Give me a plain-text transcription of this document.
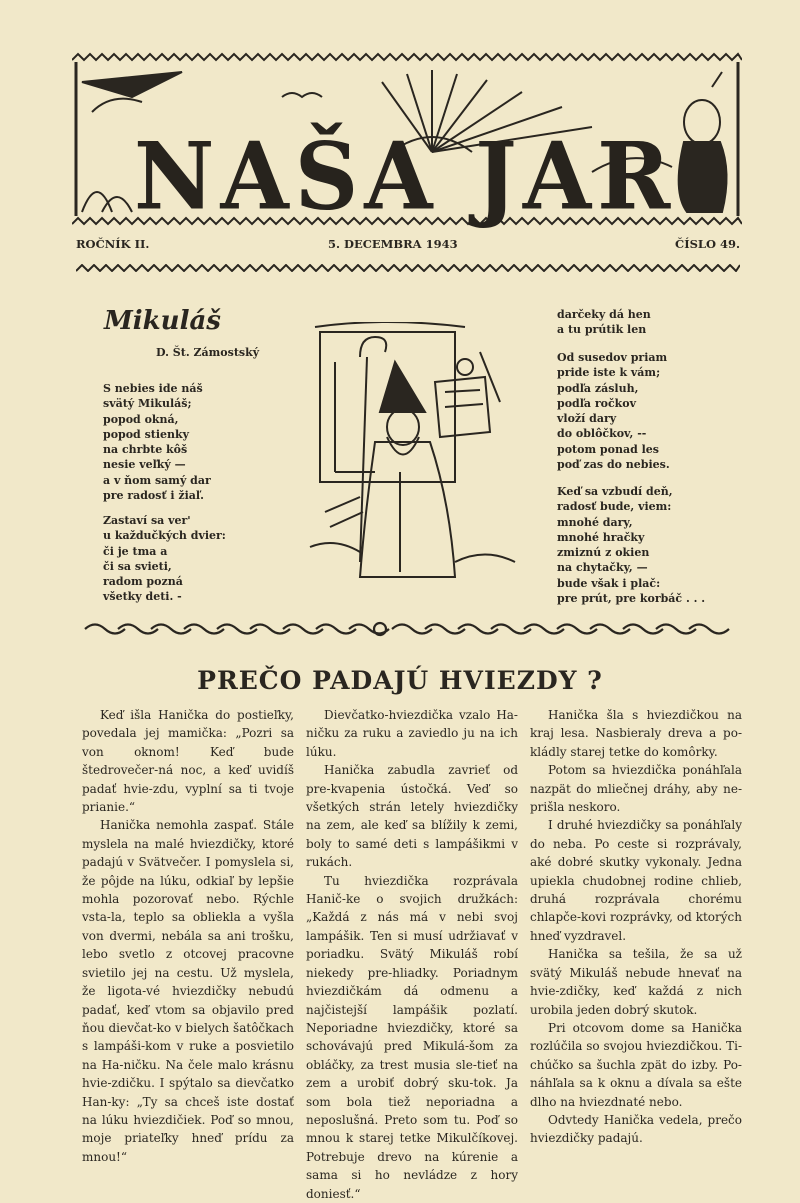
NAŠA JAR
ROČNÍK II.	5. DECEMBRA 1943	ČÍSLO 49.
Mikuláš
D. Št. Zámostský
S nebies ide náš
svätý Mikuláš;
popod okná,
popod stienky
na chrbte kôš
nesie veľký —
a v ňom samý dar
pre radosť i žiaľ.
Zastaví sa ver'
u každučkých dvier:
či je tma a
či sa svieti,
radom pozná
všetky deti. -
darčeky dá hen
a tu prútik len
Od susedov priam
pride iste k vám;
podľa zásluh,
podľa ročkov
vloží dary
do oblôčkov, --
potom ponad les
poď zas do nebies.
Keď sa vzbudí deň,
radosť bude, viem:
mnohé dary,
mnohé hračky
zmiznú z okien
na chytačky, —
bude však i plač:
pre prút, pre korbáč . . .
PREČO PADAJÚ HVIEZDY ?

Keď išla Hanička do postieľky, povedala jej mamička: „Pozri sa von oknom! Keď bude štedrovečer-ná noc, a keď uvidíš padať hvie-zdu, vyplní sa ti tvoje prianie.“

Hanička nemohla zaspať. Stále myslela na malé hviezdičky, ktoré padajú v Svätvečer. I pomyslela si, že pôjde na lúku, odkiaľ by lepšie mohla pozorovať nebo. Rýchle vsta-la, teplo sa obliekla a vyšla von dvermi, nebála sa ani trošku, lebo svetlo z otcovej pracovne svietilo jej na cestu. Už myslela, že ligota-vé hviezdičky nebudú padať, keď vtom sa objavilo pred ňou dievčat-ko v bielych šatôčkach s lampáši-kom v ruke a posvietilo na Ha-ničku. Na čele malo krásnu hvie-zdičku. I spýtalo sa dievčatko Han-ky: „Ty sa chceš iste dostať na lúku hviezdičiek. Poď so mnou, moje priateľky hneď prídu za mnou!“

Dievčatko-hviezdička vzalo Ha-ničku za ruku a zaviedlo ju na ich lúku.

Hanička zabudla zavrieť od pre-kvapenia ústočká. Veď so všetkých strán letely hviezdičky na zem, ale keď sa blížily k zemi, boly to samé deti s lampášikmi v rukách.

Tu hviezdička rozprávala Hanič-ke o svojich družkách: „Každá z nás má v nebi svoj lampášik. Ten si musí udržiavať v poriadku. Svätý Mikuláš robí niekedy pre-hliadky. Poriadnym hviezdičkám dá odmenu a najčistejší lampášik pozlatí. Neporiadne hviezdičky, ktoré sa schovávajú pred Mikulá-šom za obláčky, za trest musia sle-tieť na zem a urobiť dobrý sku-tok. Ja som bola tiež neporiadna a neposlušná. Preto som tu. Poď so mnou k starej tetke Mikulčíkovej. Potrebuje drevo na kúrenie a sama si ho nevládze z hory doniesť.“

Hanička šla s hviezdičkou na kraj lesa. Nasbieraly dreva a po-kládly starej tetke do komôrky.

Potom sa hviezdička ponáhľala nazpät do mliečnej dráhy, aby ne-prišla neskoro.

I druhé hviezdičky sa ponáhľaly do neba. Po ceste si rozprávaly, aké dobré skutky vykonaly. Jedna upiekla chudobnej rodine chlieb, druhá rozprávala chorému chlapče-kovi rozprávky, od ktorých hneď vyzdravel.

Hanička sa tešila, že sa už svätý Mikuláš nebude hnevať na hvie-zdičky, keď každá z nich urobila jeden dobrý skutok.

Pri otcovom dome sa Hanička rozlúčila so svojou hviezdičkou. Ti-chúčko sa šuchla zpät do izby. Po-náhľala sa k oknu a dívala sa ešte dlho na hviezdnaté nebo.

Odvtedy Hanička vedela, prečo hviezdičky padajú.
